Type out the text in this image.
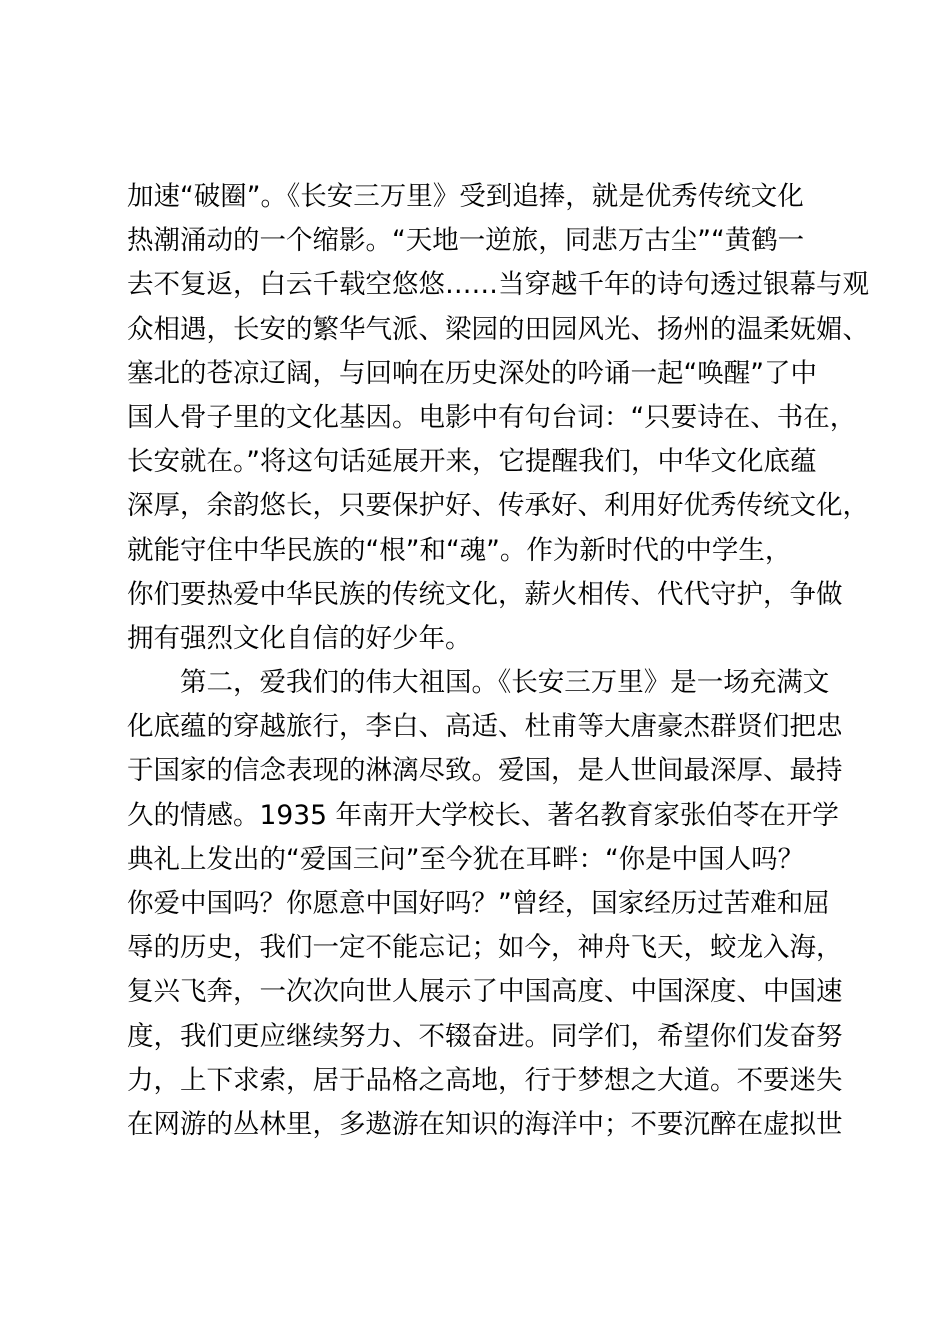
加速“破圈”。《长安三万里》受到追捧，就是优秀传统文化
热潮涌动的一个缩影。“天地一逆旅，同悲万古尘”“黄鹤一
去不复返，白云千载空悠悠……当穿越千年的诗句透过银幕与观
众相遇，长安的繁华气派、梁园的田园风光、扬州的温柔妩媚、
塞北的苍凉辽阔，与回响在历史深处的吟诵一起“唤醒”了中
国人骨子里的文化基因。电影中有句台词：“只要诗在、书在，
长安就在。”将这句话延展开来，它提醒我们，中华文化底蕴
深厚，余韵悠长，只要保护好、传承好、利用好优秀传统文化，
就能守住中华民族的“根”和“魂”。作为新时代的中学生，
你们要热爱中华民族的传统文化，薪火相传、代代守护，争做
拥有强烈文化自信的好少年。
第二，爱我们的伟大祖国。《长安三万里》是一场充满文
化底蕴的穿越旅行，李白、高适、杜甫等大唐豪杰群贤们把忠
于国家的信念表现的淋漓尽致。爱国，是人世间最深厚、最持
久的情感。1935 年南开大学校长、著名教育家张伯苓在开学
典礼上发出的“爱国三问”至今犹在耳畔：“你是中国人吗？
你爱中国吗？你愿意中国好吗？”曾经，国家经历过苦难和屈
辱的历史，我们一定不能忘记；如今，神舟飞天，蛟龙入海，
复兴飞奔，一次次向世人展示了中国高度、中国深度、中国速
度，我们更应继续努力、不辍奋进。同学们，希望你们发奋努
力，上下求索，居于品格之高地，行于梦想之大道。不要迷失
在网游的丛林里，多遨游在知识的海洋中；不要沉醉在虚拟世
